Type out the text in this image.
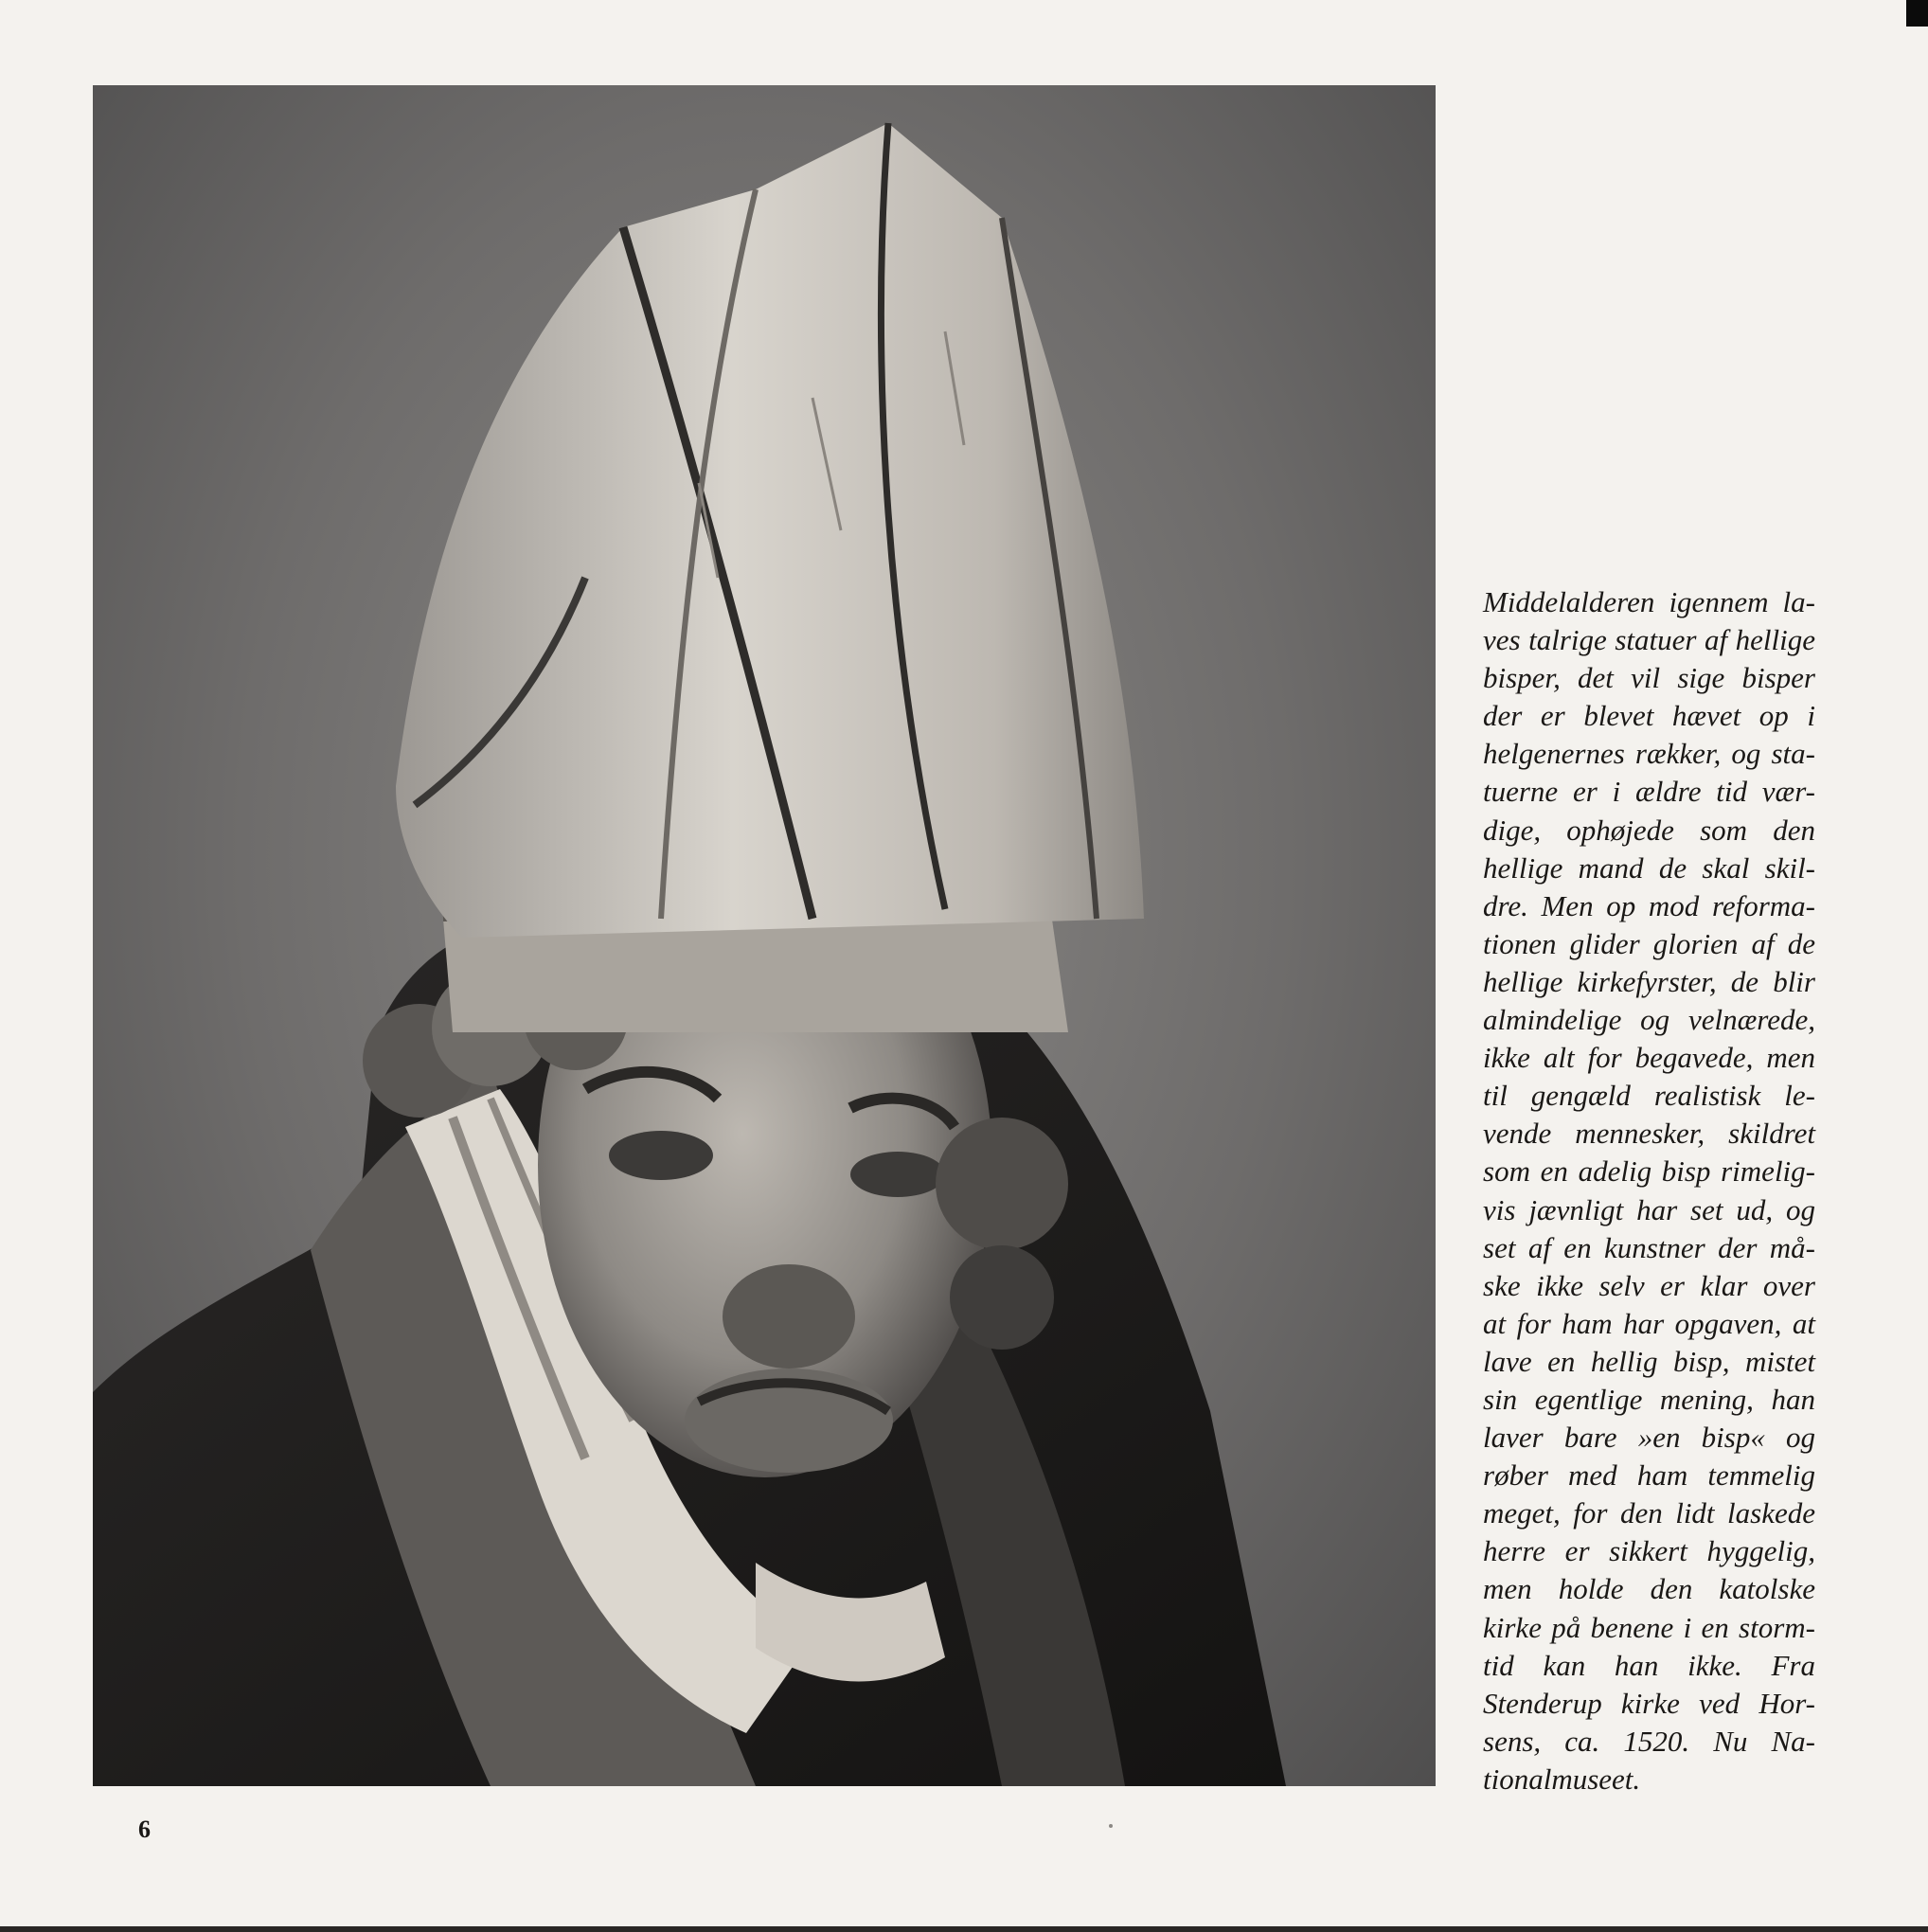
Middelalderen igennem la-
ves talrige statuer af hellige
bisper, det vil sige bisper
der er blevet hævet op i
helgenernes rækker, og sta-
tuerne er i ældre tid vær-
dige, ophøjede som den
hellige mand de skal skil-
dre. Men op mod reforma-
tionen glider glorien af de
hellige kirkefyrster, de blir
almindelige og velnærede,
ikke alt for begavede, men
til gengæld realistisk le-
vende mennesker, skildret
som en adelig bisp rimelig-
vis jævnligt har set ud, og
set af en kunstner der må-
ske ikke selv er klar over
at for ham har opgaven, at
lave en hellig bisp, mistet
sin egentlige mening, han
laver bare »en bisp« og
røber med ham temmelig
meget, for den lidt laskede
herre er sikkert hyggelig,
men holde den katolske
kirke på benene i en storm-
tid kan han ikke. Fra
Stenderup kirke ved Hor-
sens, ca. 1520. Nu Na-
tionalmuseet.

6
